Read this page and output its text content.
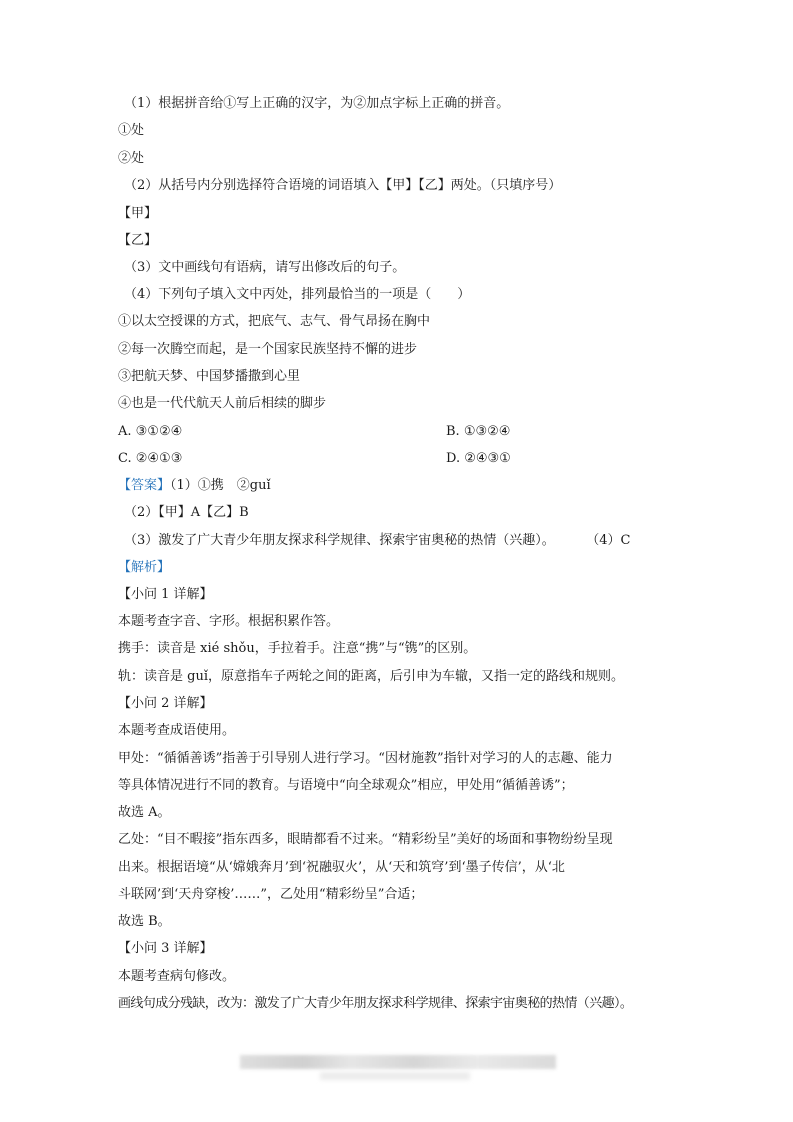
（1）根据拼音给①写上正确的汉字，为②加点字标上正确的拼音。
①处
②处
（2）从括号内分别选择符合语境的词语填入【甲】【乙】两处。（只填序号）
【甲】
【乙】
（3）文中画线句有语病，请写出修改后的句子。
（4）下列句子填入文中丙处，排列最恰当的一项是（　　）
①以太空授课的方式，把底气、志气、骨气昂扬在胸中
②每一次腾空而起，是一个国家民族坚持不懈的进步
③把航天梦、中国梦播撒到心里
④也是一代代航天人前后相续的脚步
A. ③①②④	B. ①③②④
C. ②④①③	D. ②④③①
【答案】（1）①携　②guǐ
（2）【甲】A【乙】B
（3）激发了广大青少年朋友探求科学规律、探索宇宙奥秘的热情（兴趣）。	（4）C
【解析】
【小问 1 详解】
本题考查字音、字形。根据积累作答。
携手：读音是 xié shǒu，手拉着手。注意“携”与“镌”的区别。
轨：读音是 guǐ，原意指车子两轮之间的距离，后引申为车辙，又指一定的路线和规则。
【小问 2 详解】
本题考查成语使用。
甲处：“循循善诱”指善于引导别人进行学习。“因材施教”指针对学习的人的志趣、能力
等具体情况进行不同的教育。与语境中“向全球观众”相应，甲处用“循循善诱”；
故选 A。
乙处：“目不暇接”指东西多，眼睛都看不过来。“精彩纷呈”美好的场面和事物纷纷呈现
出来。根据语境“从‘嫦娥奔月’到‘祝融驭火’，从‘天和筑穹’到‘墨子传信’，从‘北
斗联网’到‘天舟穿梭’……”，乙处用“精彩纷呈”合适；
故选 B。
【小问 3 详解】
本题考查病句修改。
画线句成分残缺，改为：激发了广大青少年朋友探求科学规律、探索宇宙奥秘的热情（兴趣）。
